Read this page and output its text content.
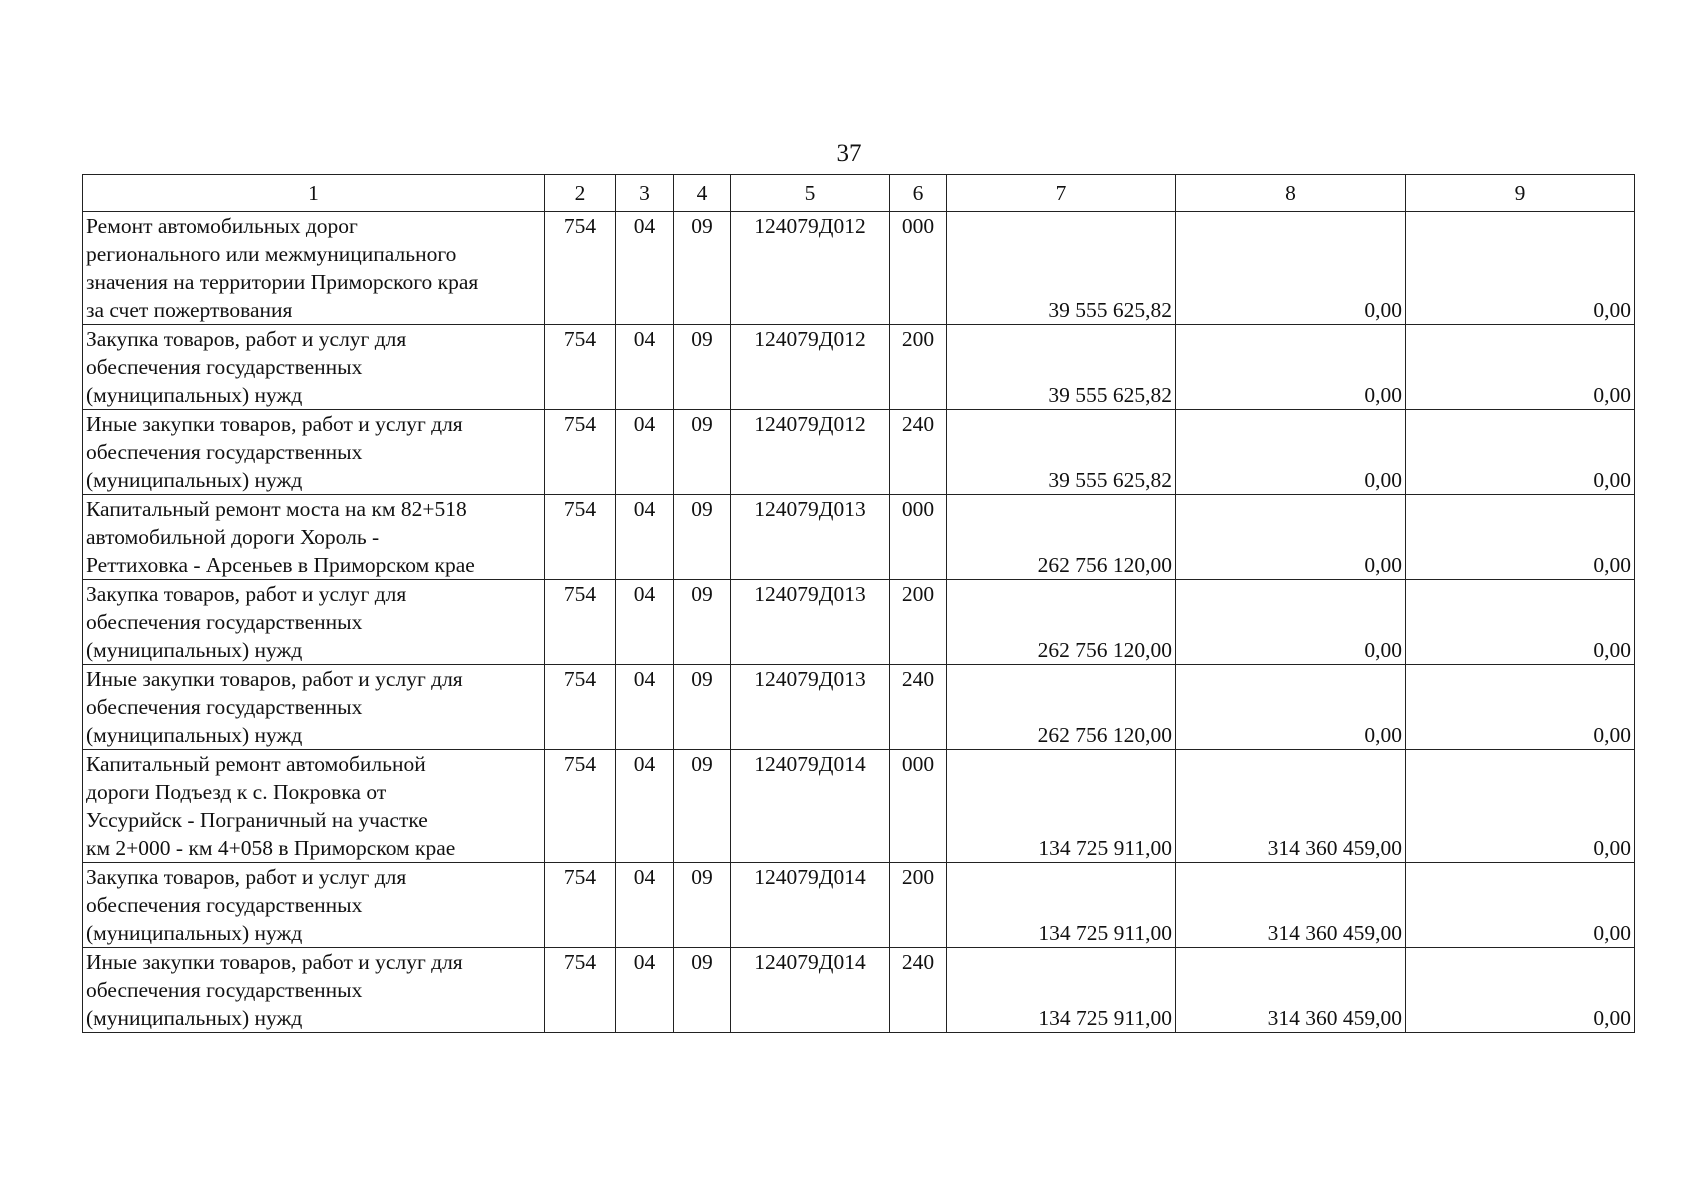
37
1	2	3	4	5	6	7	8	9
Ремонт автомобильных дорог
регионального или межмуниципального
значения на территории Приморского края
за счет пожертвования	754	04	09	124079Д012	000	39 555 625,82	0,00	0,00
Закупка товаров, работ и услуг для
обеспечения государственных
(муниципальных) нужд	754	04	09	124079Д012	200	39 555 625,82	0,00	0,00
Иные закупки товаров, работ и услуг для
обеспечения государственных
(муниципальных) нужд	754	04	09	124079Д012	240	39 555 625,82	0,00	0,00
Капитальный ремонт моста на км 82+518
автомобильной дороги Хороль -
Реттиховка - Арсеньев в Приморском крае	754	04	09	124079Д013	000	262 756 120,00	0,00	0,00
Закупка товаров, работ и услуг для
обеспечения государственных
(муниципальных) нужд	754	04	09	124079Д013	200	262 756 120,00	0,00	0,00
Иные закупки товаров, работ и услуг для
обеспечения государственных
(муниципальных) нужд	754	04	09	124079Д013	240	262 756 120,00	0,00	0,00
Капитальный ремонт автомобильной
дороги Подъезд к с. Покровка от
Уссурийск - Пограничный на участке
км 2+000 - км 4+058 в Приморском крае	754	04	09	124079Д014	000	134 725 911,00	314 360 459,00	0,00
Закупка товаров, работ и услуг для
обеспечения государственных
(муниципальных) нужд	754	04	09	124079Д014	200	134 725 911,00	314 360 459,00	0,00
Иные закупки товаров, работ и услуг для
обеспечения государственных
(муниципальных) нужд	754	04	09	124079Д014	240	134 725 911,00	314 360 459,00	0,00
